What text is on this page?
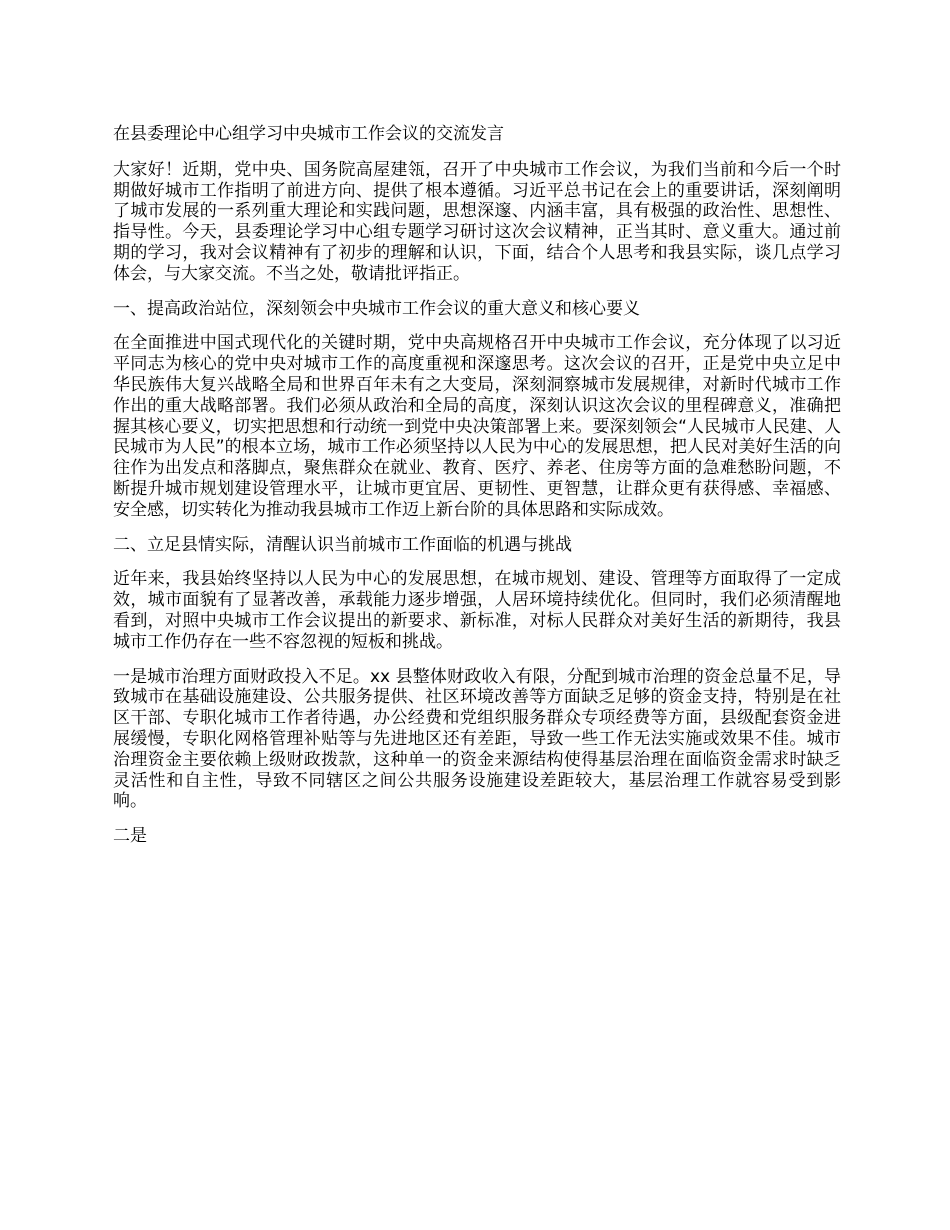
在县委理论中心组学习中央城市工作会议的交流发言

大家好！近期，党中央、国务院高屋建瓴，召开了中央城市工作会议，为我们当前和今后一个时期做好城市工作指明了前进方向、提供了根本遵循。习近平总书记在会上的重要讲话，深刻阐明了城市发展的一系列重大理论和实践问题，思想深邃、内涵丰富，具有极强的政治性、思想性、指导性。今天，县委理论学习中心组专题学习研讨这次会议精神，正当其时、意义重大。通过前期的学习，我对会议精神有了初步的理解和认识，下面，结合个人思考和我县实际，谈几点学习体会，与大家交流。不当之处，敬请批评指正。

一、提高政治站位，深刻领会中央城市工作会议的重大意义和核心要义

在全面推进中国式现代化的关键时期，党中央高规格召开中央城市工作会议，充分体现了以习近平同志为核心的党中央对城市工作的高度重视和深邃思考。这次会议的召开，正是党中央立足中华民族伟大复兴战略全局和世界百年未有之大变局，深刻洞察城市发展规律，对新时代城市工作作出的重大战略部署。我们必须从政治和全局的高度，深刻认识这次会议的里程碑意义，准确把握其核心要义，切实把思想和行动统一到党中央决策部署上来。要深刻领会“人民城市人民建、人民城市为人民”的根本立场，城市工作必须坚持以人民为中心的发展思想，把人民对美好生活的向往作为出发点和落脚点，聚焦群众在就业、教育、医疗、养老、住房等方面的急难愁盼问题，不断提升城市规划建设管理水平，让城市更宜居、更韧性、更智慧，让群众更有获得感、幸福感、安全感，切实转化为推动我县城市工作迈上新台阶的具体思路和实际成效。

二、立足县情实际，清醒认识当前城市工作面临的机遇与挑战

近年来，我县始终坚持以人民为中心的发展思想，在城市规划、建设、管理等方面取得了一定成效，城市面貌有了显著改善，承载能力逐步增强，人居环境持续优化。但同时，我们必须清醒地看到，对照中央城市工作会议提出的新要求、新标准，对标人民群众对美好生活的新期待，我县城市工作仍存在一些不容忽视的短板和挑战。

一是城市治理方面财政投入不足。xx 县整体财政收入有限，分配到城市治理的资金总量不足，导致城市在基础设施建设、公共服务提供、社区环境改善等方面缺乏足够的资金支持，特别是在社区干部、专职化城市工作者待遇，办公经费和党组织服务群众专项经费等方面，县级配套资金进展缓慢，专职化网格管理补贴等与先进地区还有差距，导致一些工作无法实施或效果不佳。城市治理资金主要依赖上级财政拨款，这种单一的资金来源结构使得基层治理在面临资金需求时缺乏灵活性和自主性，导致不同辖区之间公共服务设施建设差距较大，基层治理工作就容易受到影响。

二是
